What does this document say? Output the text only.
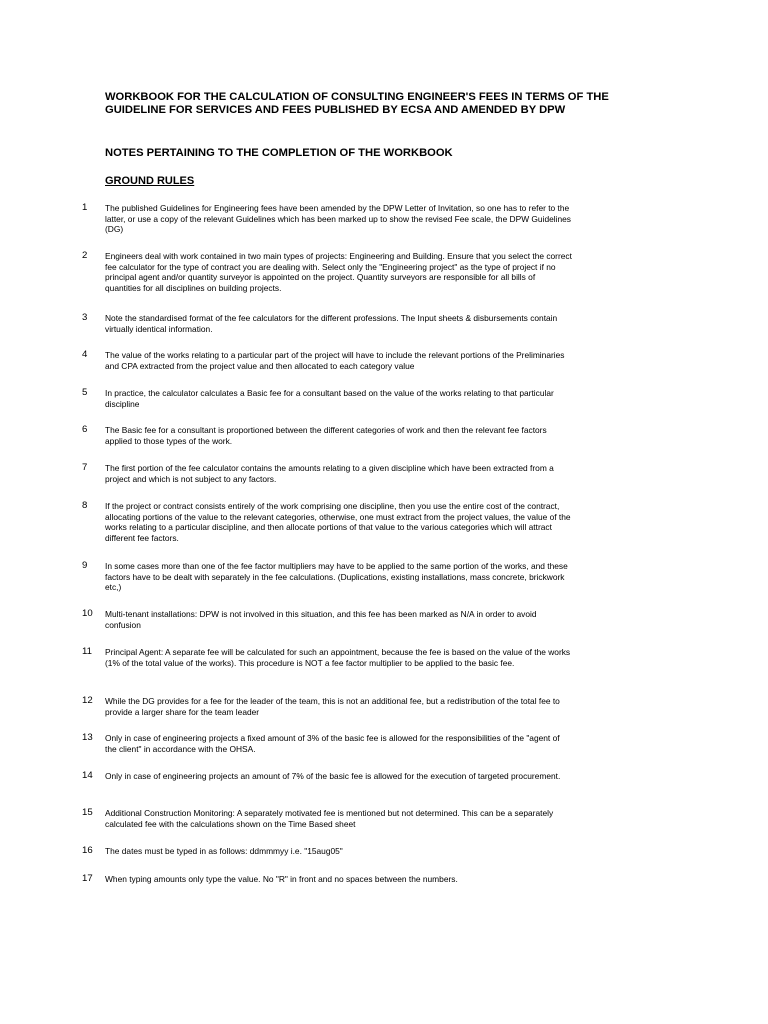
WORKBOOK FOR THE CALCULATION OF CONSULTING ENGINEER'S FEES IN TERMS OF THE GUIDELINE FOR SERVICES AND FEES PUBLISHED BY ECSA AND AMENDED BY DPW
NOTES PERTAINING TO THE COMPLETION OF THE WORKBOOK
GROUND RULES
1 The published Guidelines for Engineering fees have been amended by the DPW Letter of Invitation, so one has to refer to the latter, or use a copy of the relevant Guidelines which has been marked up to show the revised Fee scale, the DPW Guidelines (DG)
2 Engineers deal with work contained in two main types of projects: Engineering and Building. Ensure that you select the correct fee calculator for the type of contract you are dealing with. Select only the "Engineering project" as the type of project if no principal agent and/or quantity surveyor is appointed on the project. Quantity surveyors are responsible for all bills of quantities for all disciplines on building projects.
3 Note the standardised format of the fee calculators for the different professions. The Input sheets & disbursements contain virtually identical information.
4 The value of the works relating to a particular part of the project will have to include the relevant portions of the Preliminaries and CPA extracted from the project value and then allocated to each category value
5 In practice, the calculator calculates a Basic fee for a consultant based on the value of the works relating to that particular discipline
6 The Basic fee for a consultant is proportioned between the different categories of work and then the relevant fee factors applied to those types of the work.
7 The first portion of the fee calculator contains the amounts relating to a given discipline which have been extracted from a project and which is not subject to any factors.
8 If the project or contract consists entirely of the work comprising one discipline, then you use the entire cost of the contract, allocating portions of the value to the relevant categories, otherwise, one must extract from the project values, the value of the works relating to a particular discipline, and then allocate portions of that value to the various categories which will attract different fee factors.
9 In some cases more than one of the fee factor multipliers may have to be applied to the same portion of the works, and these factors have to be dealt with separately in the fee calculations. (Duplications, existing installations, mass concrete, brickwork etc,)
10 Multi-tenant installations: DPW is not involved in this situation, and this fee has been marked as N/A in order to avoid confusion
11 Principal Agent: A separate fee will be calculated for such an appointment, because the fee is based on the value of the works (1% of the total value of the works). This procedure is NOT a fee factor multiplier to be applied to the basic fee.
12 While the DG provides for a fee for the leader of the team, this is not an additional fee, but a redistribution of the total fee to provide a larger share for the team leader
13 Only in case of engineering projects a fixed amount of 3% of the basic fee is allowed for the responsibilities of the "agent of the client" in accordance with the OHSA.
14 Only in case of engineering projects an amount of 7% of the basic fee is allowed for the execution of targeted procurement.
15 Additional Construction Monitoring: A separately motivated fee is mentioned but not determined. This can be a separately calculated fee with the calculations shown on the Time Based sheet
16 The dates must be typed in as follows: ddmmmyy i.e. "15aug05"
17 When typing amounts only type the value. No "R" in front and no spaces between the numbers.
